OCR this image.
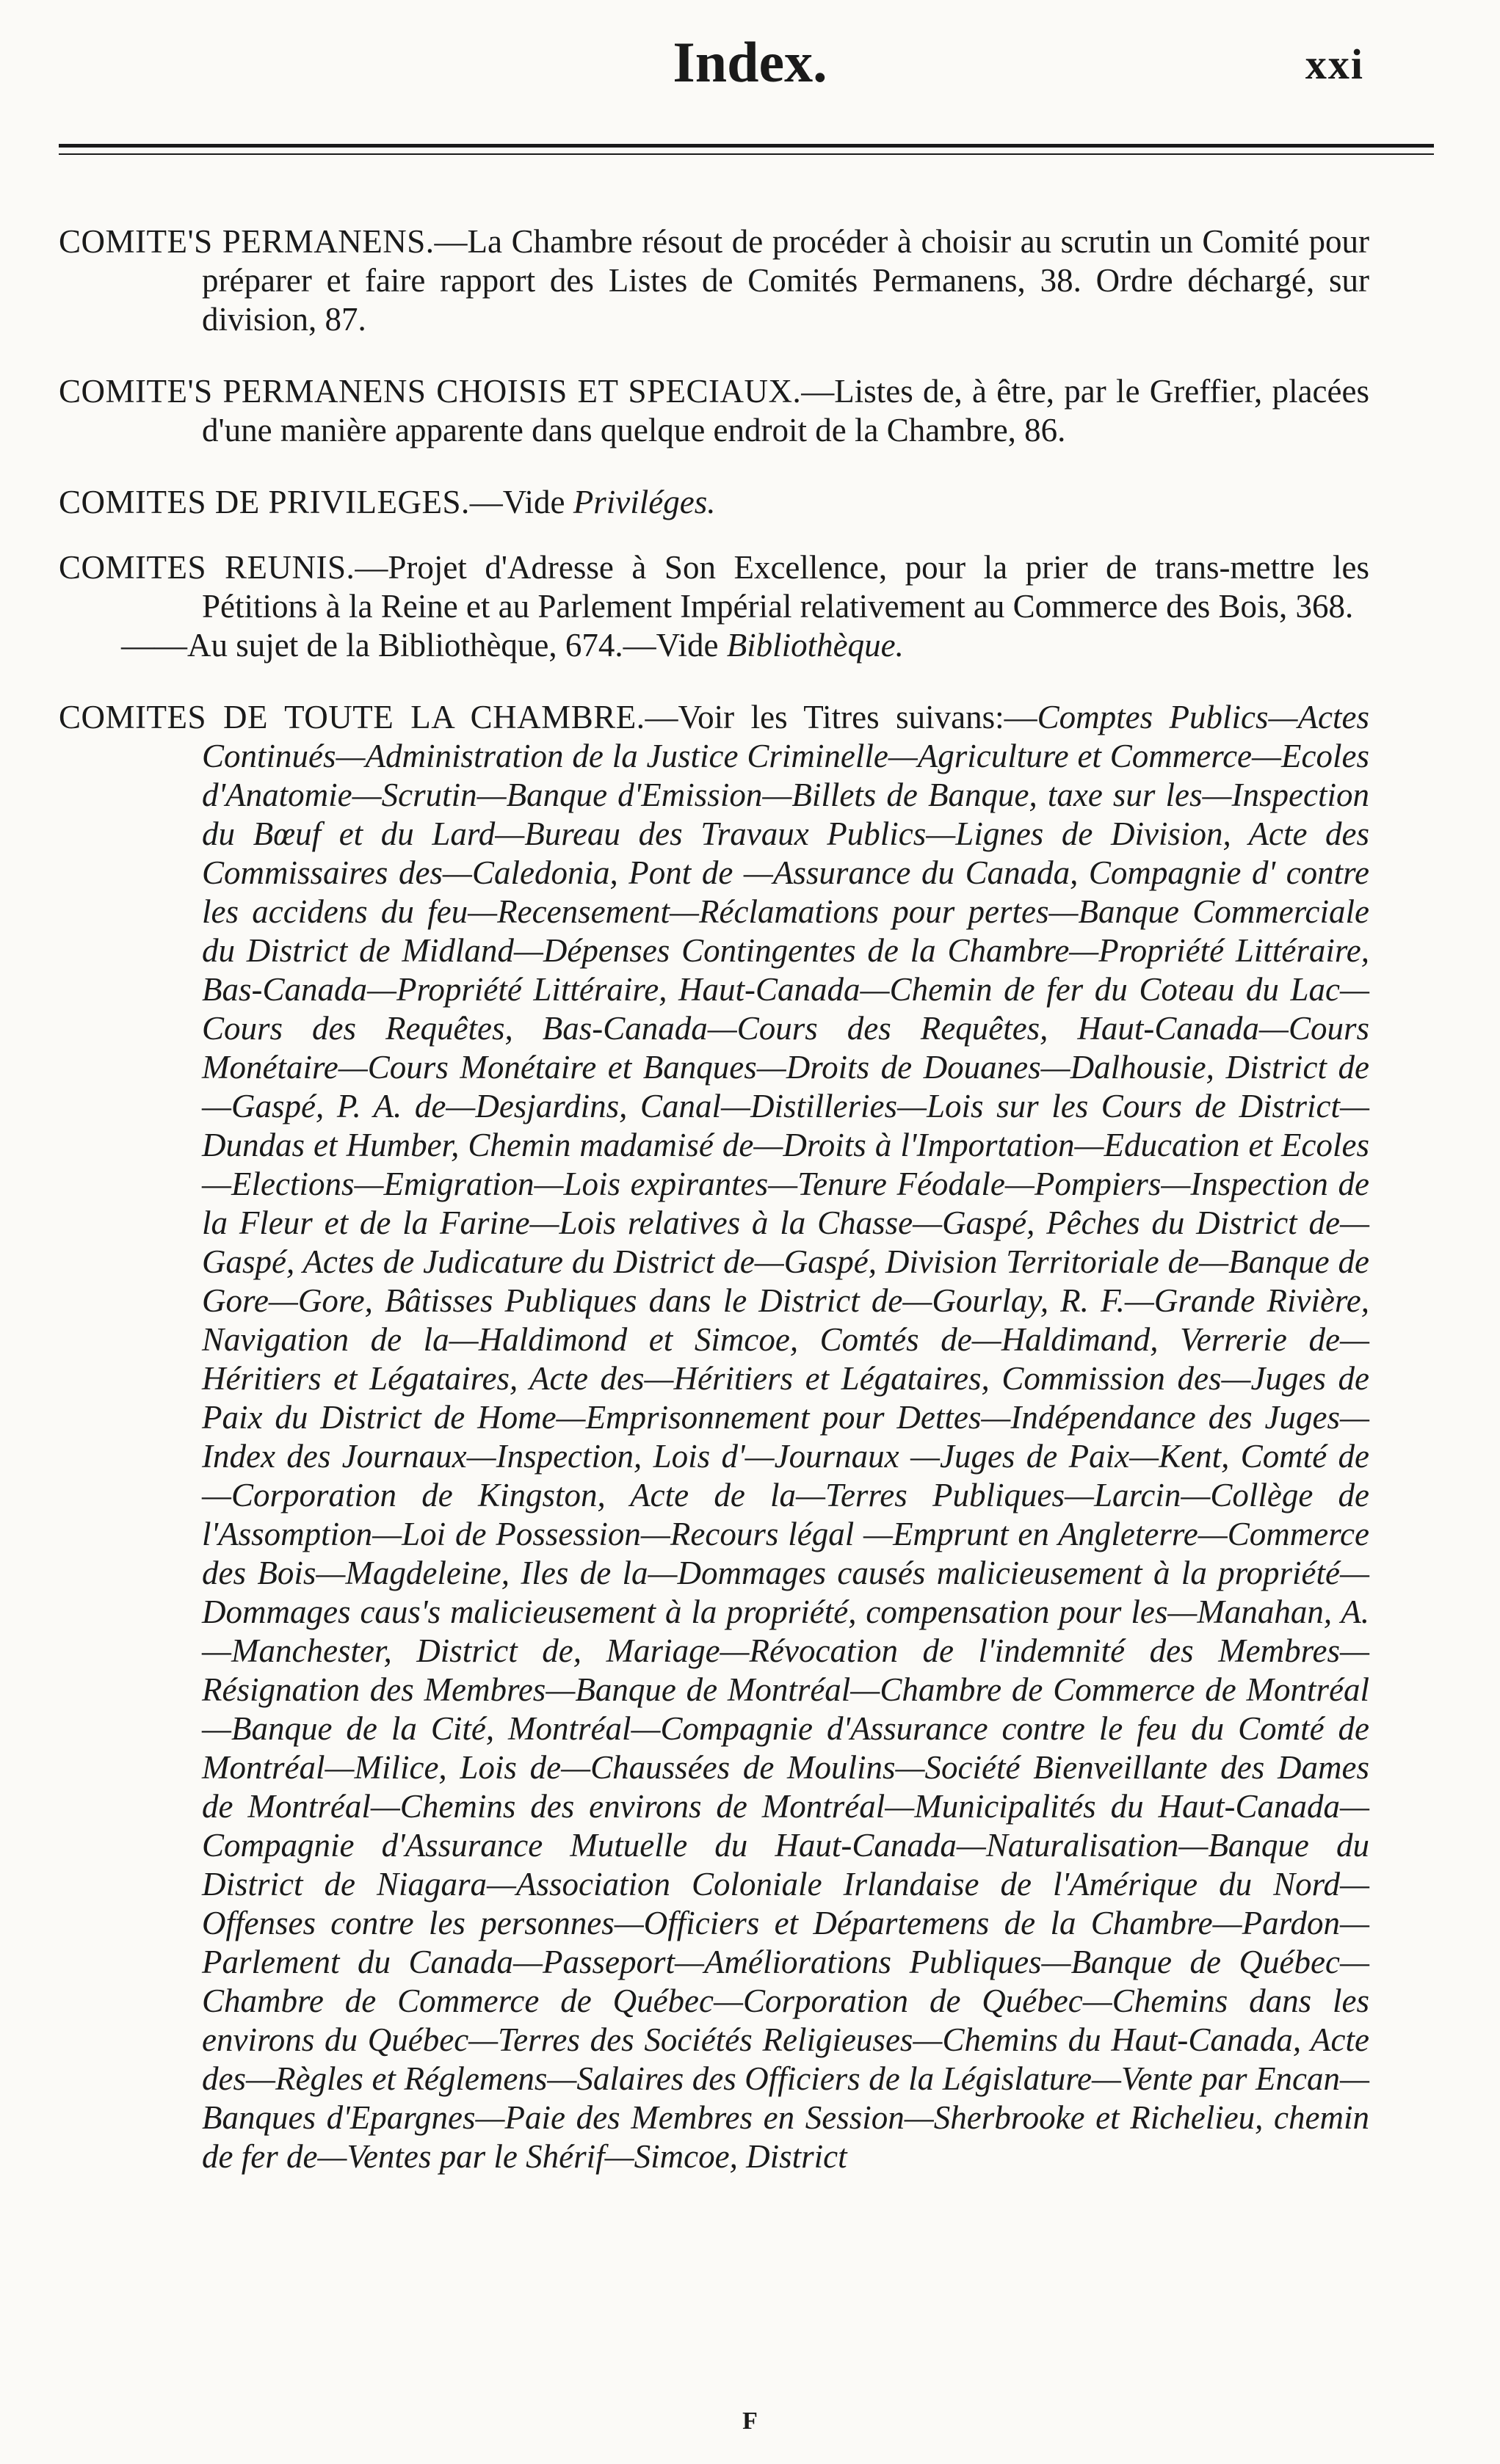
Index.	xxi

COMITE'S PERMANENS.—La Chambre résout de procéder à choisir au scrutin un Comité pour préparer et faire rapport des Listes de Comités Permanens, 38. Ordre déchargé, sur division, 87.

COMITE'S PERMANENS CHOISIS ET SPECIAUX.—Listes de, à être, par le Greffier, placées d'une manière apparente dans quelque endroit de la Chambre, 86.

COMITES DE PRIVILEGES.—Vide Priviléges.

COMITES REUNIS.—Projet d'Adresse à Son Excellence, pour la prier de trans-mettre les Pétitions à la Reine et au Parlement Impérial relativement au Commerce des Bois, 368.
——Au sujet de la Bibliothèque, 674.—Vide Bibliothèque.

COMITES DE TOUTE LA CHAMBRE.—Voir les Titres suivans:—Comptes Publics—Actes Continués—Administration de la Justice Criminelle—Agriculture et Commerce—Ecoles d'Anatomie—Scrutin—Banque d'Emission—Billets de Banque, taxe sur les—Inspection du Bœuf et du Lard—Bureau des Travaux Publics—Lignes de Division, Acte des Commissaires des—Caledonia, Pont de —Assurance du Canada, Compagnie d' contre les accidens du feu—Recensement—Réclamations pour pertes—Banque Commerciale du District de Midland—Dépenses Contingentes de la Chambre—Propriété Littéraire, Bas-Canada—Propriété Littéraire, Haut-Canada—Chemin de fer du Coteau du Lac—Cours des Requêtes, Bas-Canada—Cours des Requêtes, Haut-Canada—Cours Monétaire—Cours Monétaire et Banques—Droits de Douanes—Dalhousie, District de—Gaspé, P. A. de—Desjardins, Canal—Distilleries—Lois sur les Cours de District—Dundas et Humber, Chemin madamisé de—Droits à l'Importation—Education et Ecoles—Elections—Emigration—Lois expirantes—Tenure Féodale—Pompiers—Inspection de la Fleur et de la Farine—Lois relatives à la Chasse—Gaspé, Pêches du District de—Gaspé, Actes de Judicature du District de—Gaspé, Division Territoriale de—Banque de Gore—Gore, Bâtisses Publiques dans le District de—Gourlay, R. F.—Grande Rivière, Navigation de la—Haldimond et Simcoe, Comtés de—Haldimand, Verrerie de—Héritiers et Légataires, Acte des—Héritiers et Légataires, Commission des—Juges de Paix du District de Home—Emprisonnement pour Dettes—Indépendance des Juges—Index des Journaux—Inspection, Lois d'—Journaux —Juges de Paix—Kent, Comté de—Corporation de Kingston, Acte de la—Terres Publiques—Larcin—Collège de l'Assomption—Loi de Possession—Recours légal —Emprunt en Angleterre—Commerce des Bois—Magdeleine, Iles de la—Dommages causés malicieusement à la propriété—Dommages caus's malicieusement à la propriété, compensation pour les—Manahan, A.—Manchester, District de, Mariage—Révocation de l'indemnité des Membres—Résignation des Membres—Banque de Montréal—Chambre de Commerce de Montréal—Banque de la Cité, Montréal—Compagnie d'Assurance contre le feu du Comté de Montréal—Milice, Lois de—Chaussées de Moulins—Société Bienveillante des Dames de Montréal—Chemins des environs de Montréal—Municipalités du Haut-Canada—Compagnie d'Assurance Mutuelle du Haut-Canada—Naturalisation—Banque du District de Niagara—Association Coloniale Irlandaise de l'Amérique du Nord—Offenses contre les personnes—Officiers et Départemens de la Chambre—Pardon—Parlement du Canada—Passeport—Améliorations Publiques—Banque de Québec—Chambre de Commerce de Québec—Corporation de Québec—Chemins dans les environs du Québec—Terres des Sociétés Religieuses—Chemins du Haut-Canada, Acte des—Règles et Réglemens—Salaires des Officiers de la Législature—Vente par Encan—Banques d'Epargnes—Paie des Membres en Session—Sherbrooke et Richelieu, chemin de fer de—Ventes par le Shérif—Simcoe, District

F
